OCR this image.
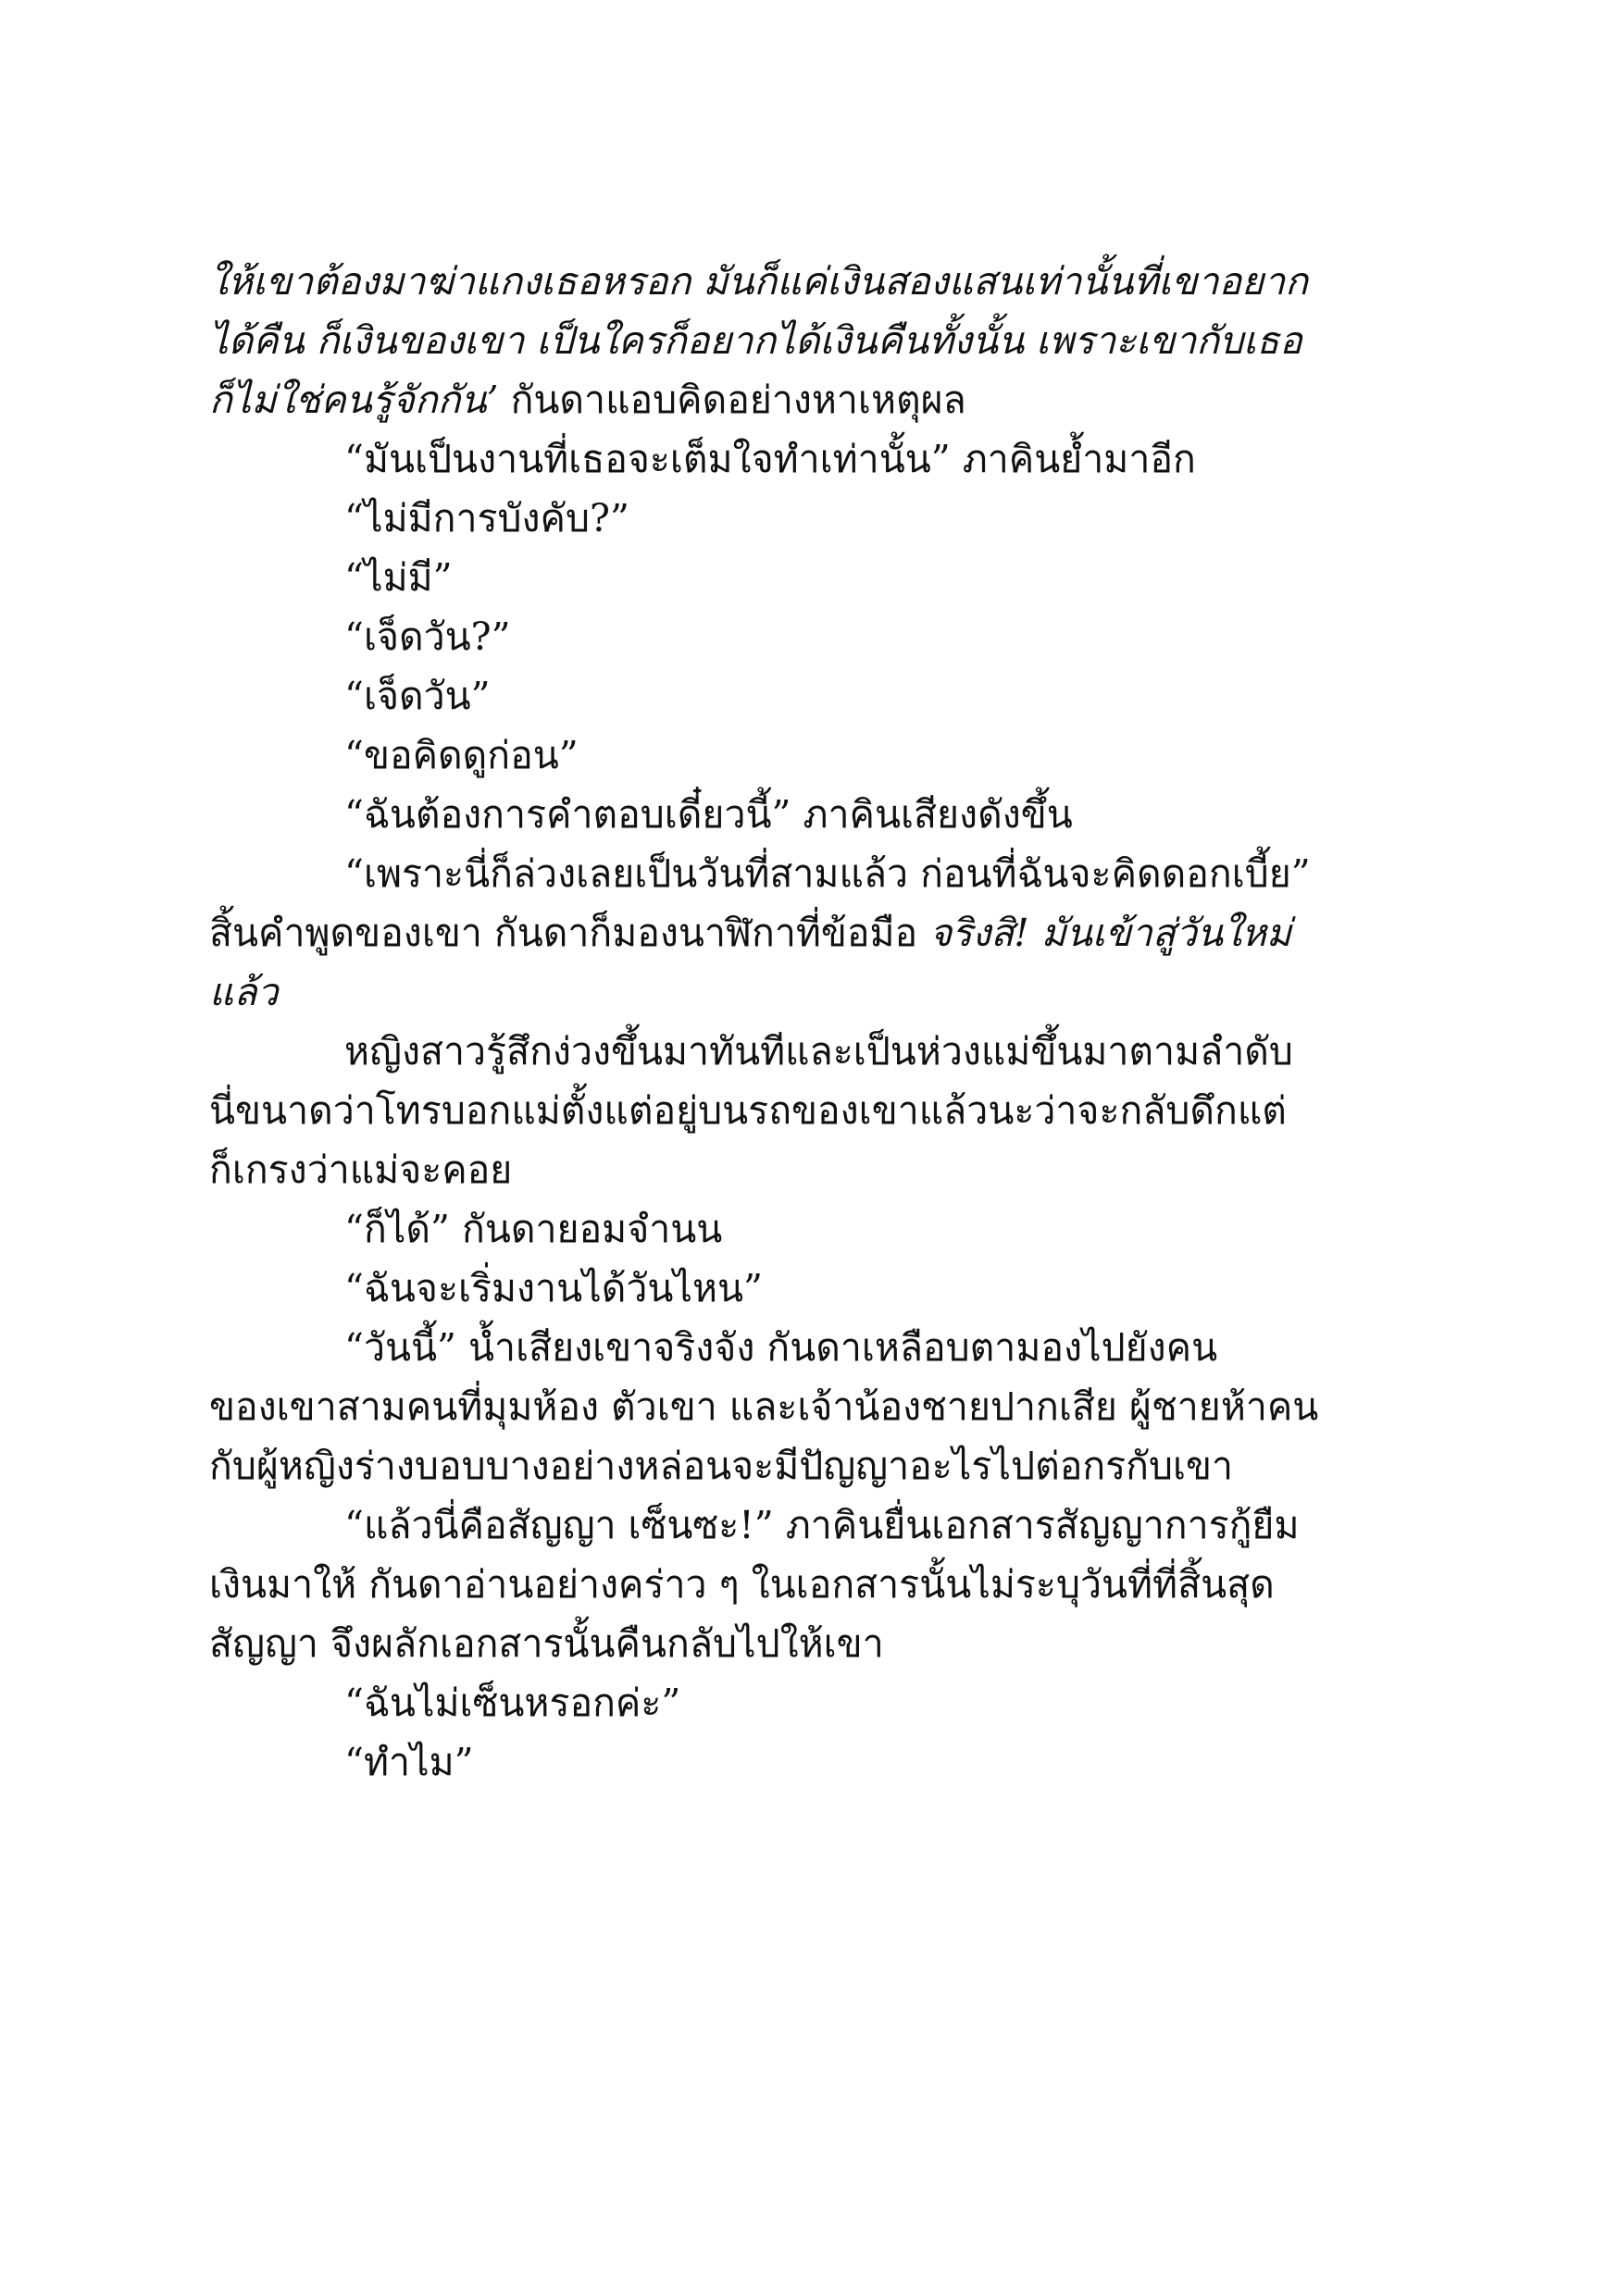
ให้เขาต้องมาฆ่าแกงเธอหรอก มันก็แค่เงินสองแสนเท่านั้นที่เขาอยาก
ได้คืน ก็เงินของเขา เป็นใครก็อยากได้เงินคืนทั้งนั้น เพราะเขากับเธอ
ก็ไม่ใช่คนรู้จักกัน’ กันดาแอบคิดอย่างหาเหตุผล
“มันเป็นงานที่เธอจะเต็มใจทำเท่านั้น” ภาคินย้ำมาอีก
“ไม่มีการบังคับ?”
“ไม่มี”
“เจ็ดวัน?”
“เจ็ดวัน”
“ขอคิดดูก่อน”
“ฉันต้องการคำตอบเดี๋ยวนี้” ภาคินเสียงดังขึ้น
“เพราะนี่ก็ล่วงเลยเป็นวันที่สามแล้ว ก่อนที่ฉันจะคิดดอกเบี้ย”
สิ้นคำพูดของเขา กันดาก็มองนาฬิกาที่ข้อมือ จริงสิ! มันเข้าสู่วันใหม่
แล้ว
หญิงสาวรู้สึกง่วงขึ้นมาทันทีและเป็นห่วงแม่ขึ้นมาตามลำดับ
นี่ขนาดว่าโทรบอกแม่ตั้งแต่อยู่บนรถของเขาแล้วนะว่าจะกลับดึกแต่
ก็เกรงว่าแม่จะคอย
“ก็ได้” กันดายอมจำนน
“ฉันจะเริ่มงานได้วันไหน”
“วันนี้” น้ำเสียงเขาจริงจัง กันดาเหลือบตามองไปยังคน
ของเขาสามคนที่มุมห้อง ตัวเขา และเจ้าน้องชายปากเสีย ผู้ชายห้าคน
กับผู้หญิงร่างบอบบางอย่างหล่อนจะมีปัญญาอะไรไปต่อกรกับเขา
“แล้วนี่คือสัญญา เซ็นซะ!” ภาคินยื่นเอกสารสัญญาการกู้ยืม
เงินมาให้ กันดาอ่านอย่างคร่าว ๆ ในเอกสารนั้นไม่ระบุวันที่ที่สิ้นสุด
สัญญา จึงผลักเอกสารนั้นคืนกลับไปให้เขา
“ฉันไม่เซ็นหรอกค่ะ”
“ทำไม”
